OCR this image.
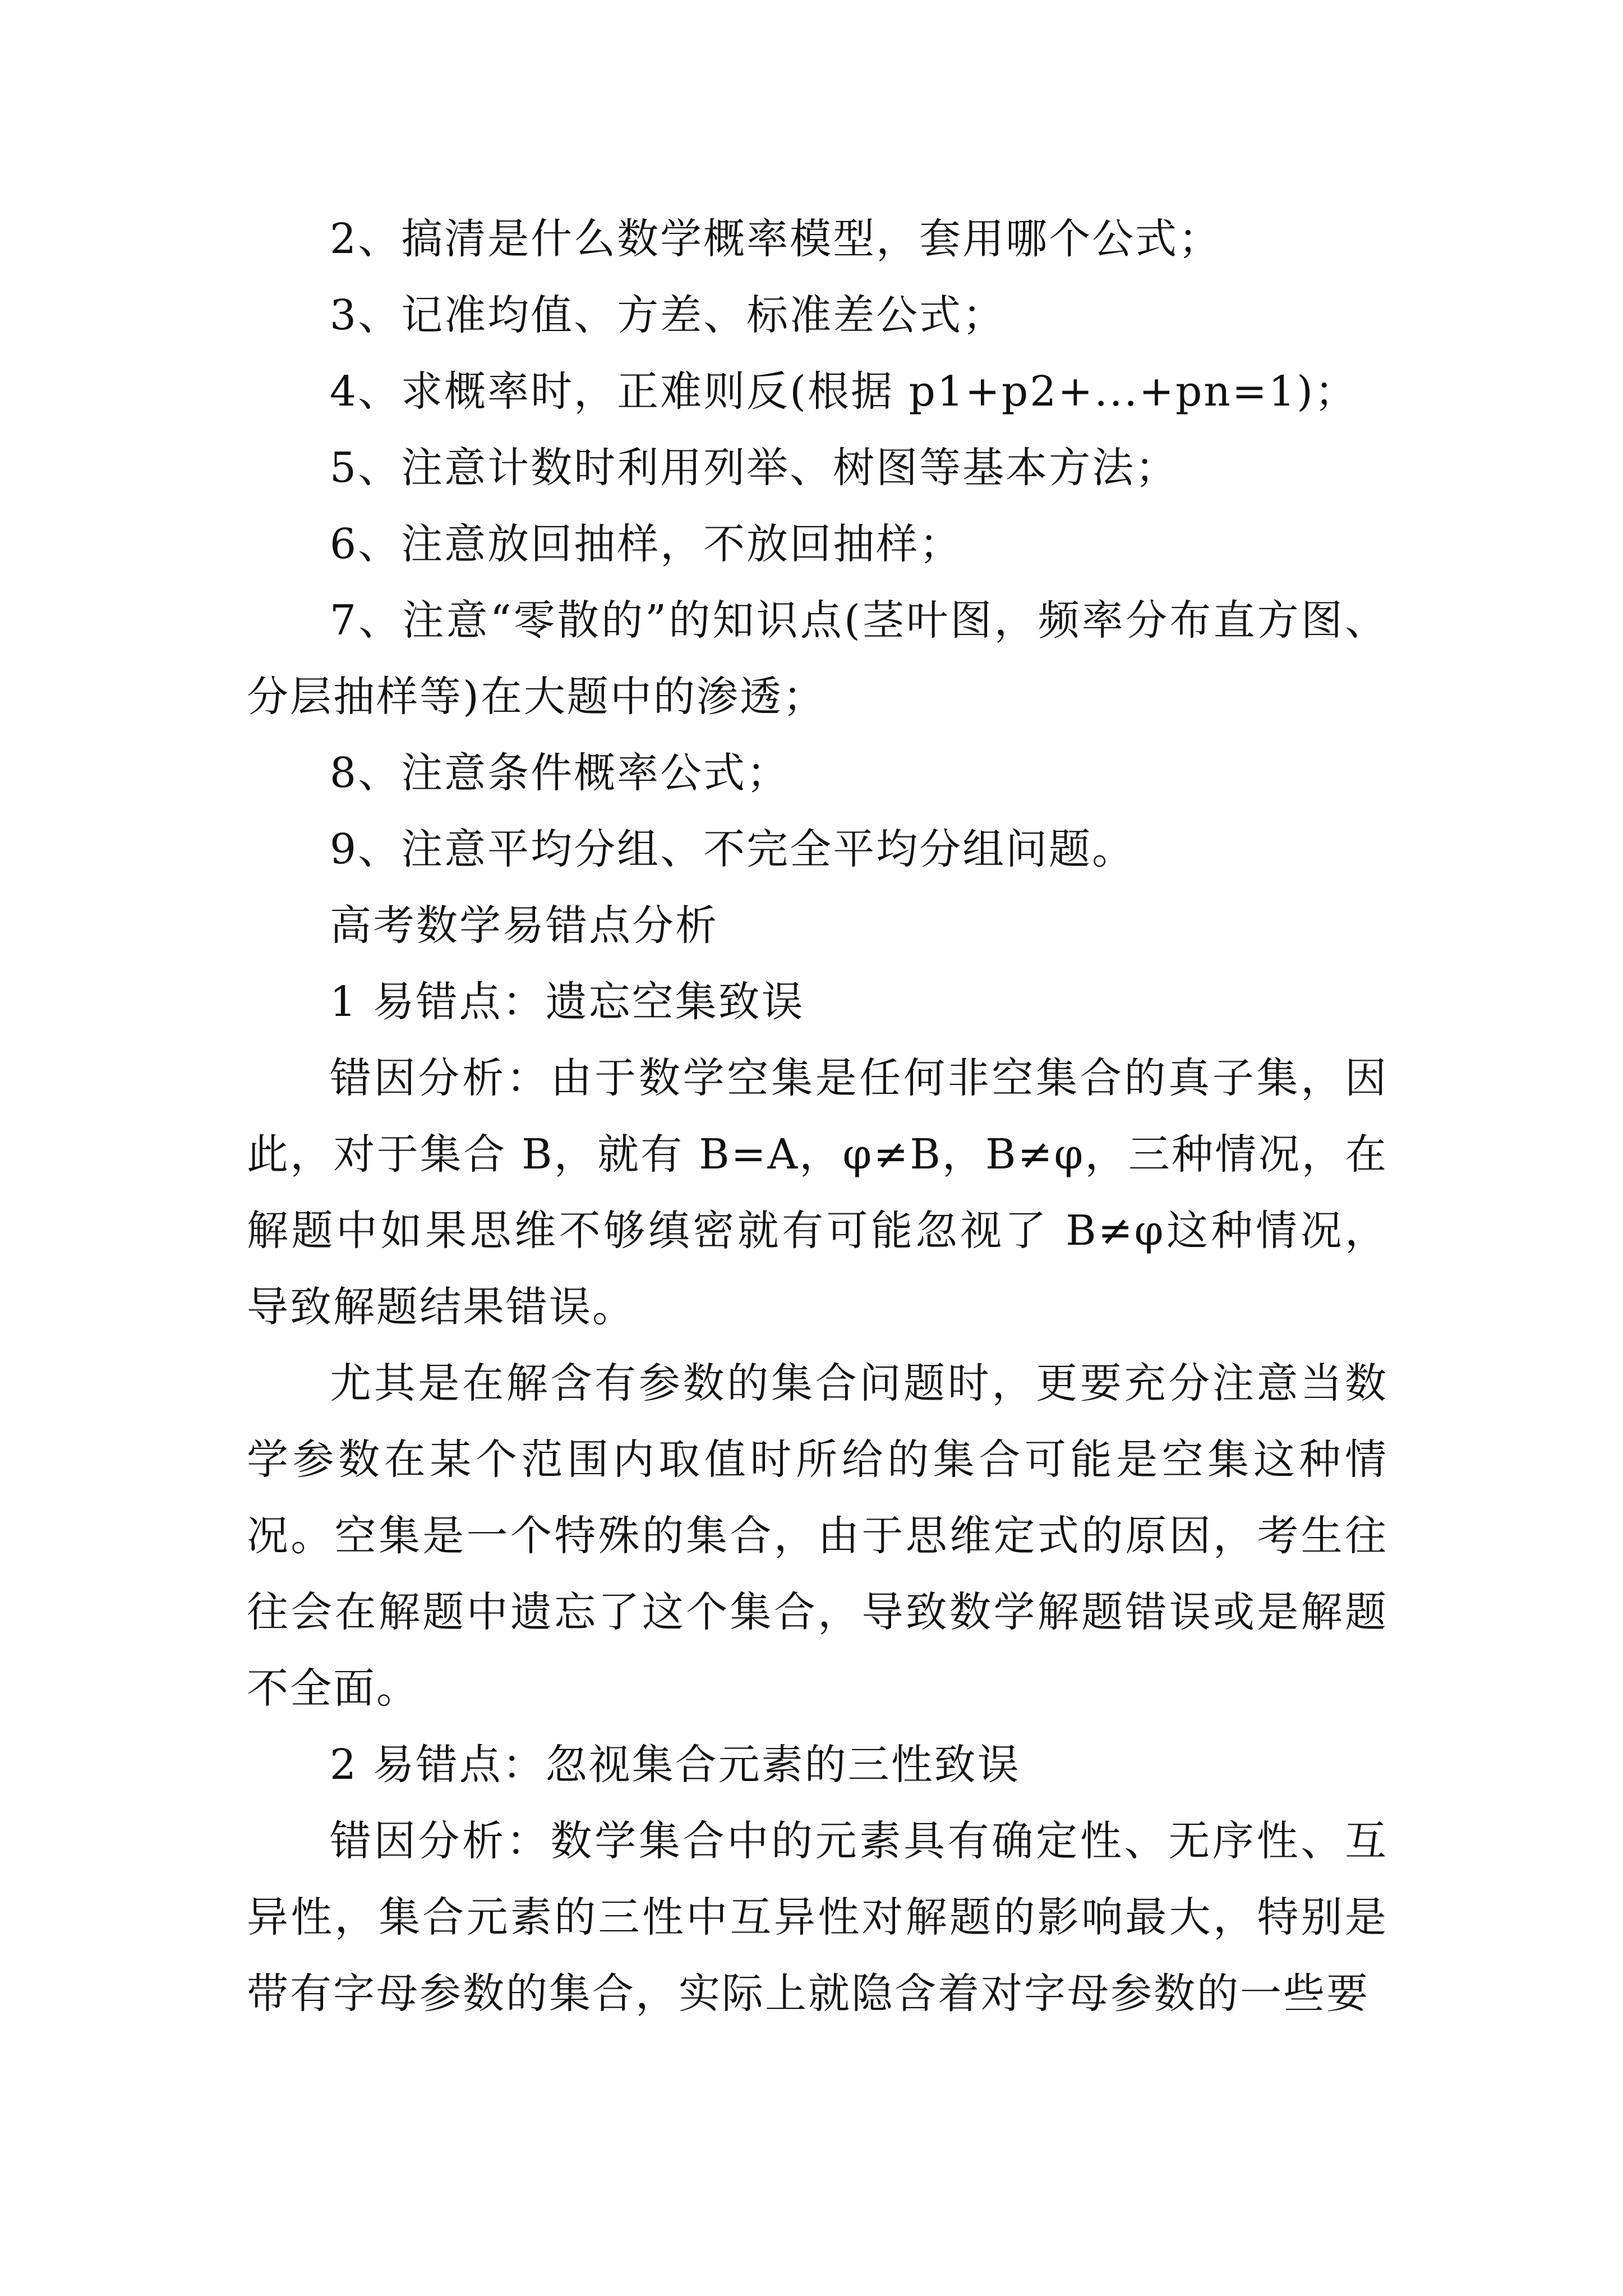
2、搞清是什么数学概率模型，套用哪个公式；

3、记准均值、方差、标准差公式；

4、求概率时，正难则反(根据 p1+p2+...+pn=1)；

5、注意计数时利用列举、树图等基本方法；

6、注意放回抽样，不放回抽样；

7、注意“零散的”的知识点(茎叶图，频率分布直方图、分层抽样等)在大题中的渗透；

8、注意条件概率公式；

9、注意平均分组、不完全平均分组问题。

高考数学易错点分析

1 易错点：遗忘空集致误

错因分析：由于数学空集是任何非空集合的真子集，因此，对于集合 B，就有 B=A，φ≠B，B≠φ，三种情况，在解题中如果思维不够缜密就有可能忽视了 B≠φ这种情况，导致解题结果错误。

尤其是在解含有参数的集合问题时，更要充分注意当数学参数在某个范围内取值时所给的集合可能是空集这种情况。空集是一个特殊的集合，由于思维定式的原因，考生往往会在解题中遗忘了这个集合，导致数学解题错误或是解题不全面。

2 易错点：忽视集合元素的三性致误

错因分析：数学集合中的元素具有确定性、无序性、互异性，集合元素的三性中互异性对解题的影响最大，特别是带有字母参数的集合，实际上就隐含着对字母参数的一些要
